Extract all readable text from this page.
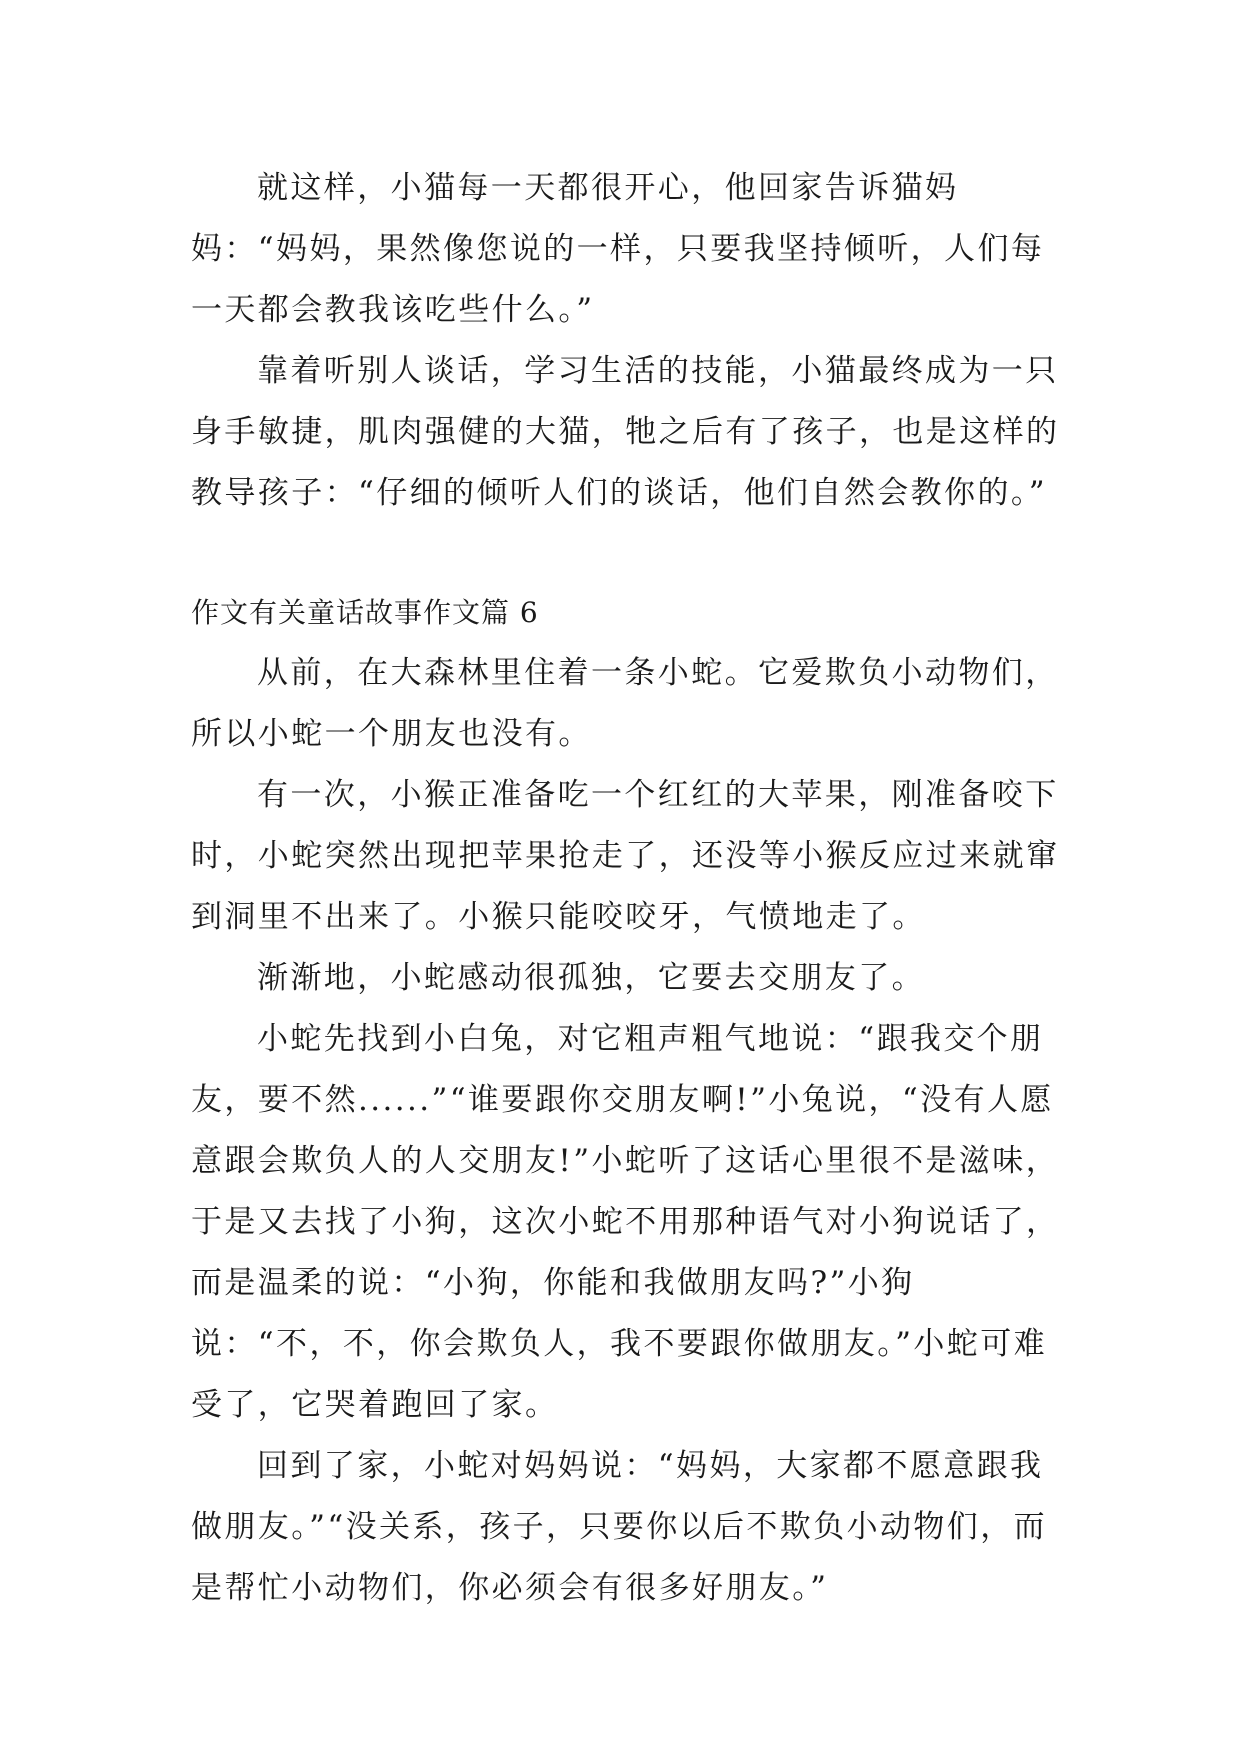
就这样，小猫每一天都很开心，他回家告诉猫妈妈：“妈妈，果然像您说的一样，只要我坚持倾听，人们每一天都会教我该吃些什么。”

靠着听别人谈话，学习生活的技能，小猫最终成为一只身手敏捷，肌肉强健的大猫，牠之后有了孩子，也是这样的教导孩子：“仔细的倾听人们的谈话，他们自然会教你的。”

作文有关童话故事作文篇 6

从前，在大森林里住着一条小蛇。它爱欺负小动物们，所以小蛇一个朋友也没有。

有一次，小猴正准备吃一个红红的大苹果，刚准备咬下时，小蛇突然出现把苹果抢走了，还没等小猴反应过来就窜到洞里不出来了。小猴只能咬咬牙，气愤地走了。

渐渐地，小蛇感动很孤独，它要去交朋友了。

小蛇先找到小白兔，对它粗声粗气地说：“跟我交个朋友，要不然......”“谁要跟你交朋友啊!”小兔说，“没有人愿意跟会欺负人的人交朋友!”小蛇听了这话心里很不是滋味，于是又去找了小狗，这次小蛇不用那种语气对小狗说话了，而是温柔的说：“小狗，你能和我做朋友吗?”小狗说：“不，不，你会欺负人，我不要跟你做朋友。”小蛇可难受了，它哭着跑回了家。

回到了家，小蛇对妈妈说：“妈妈，大家都不愿意跟我做朋友。”“没关系，孩子，只要你以后不欺负小动物们，而是帮忙小动物们，你必须会有很多好朋友。”
